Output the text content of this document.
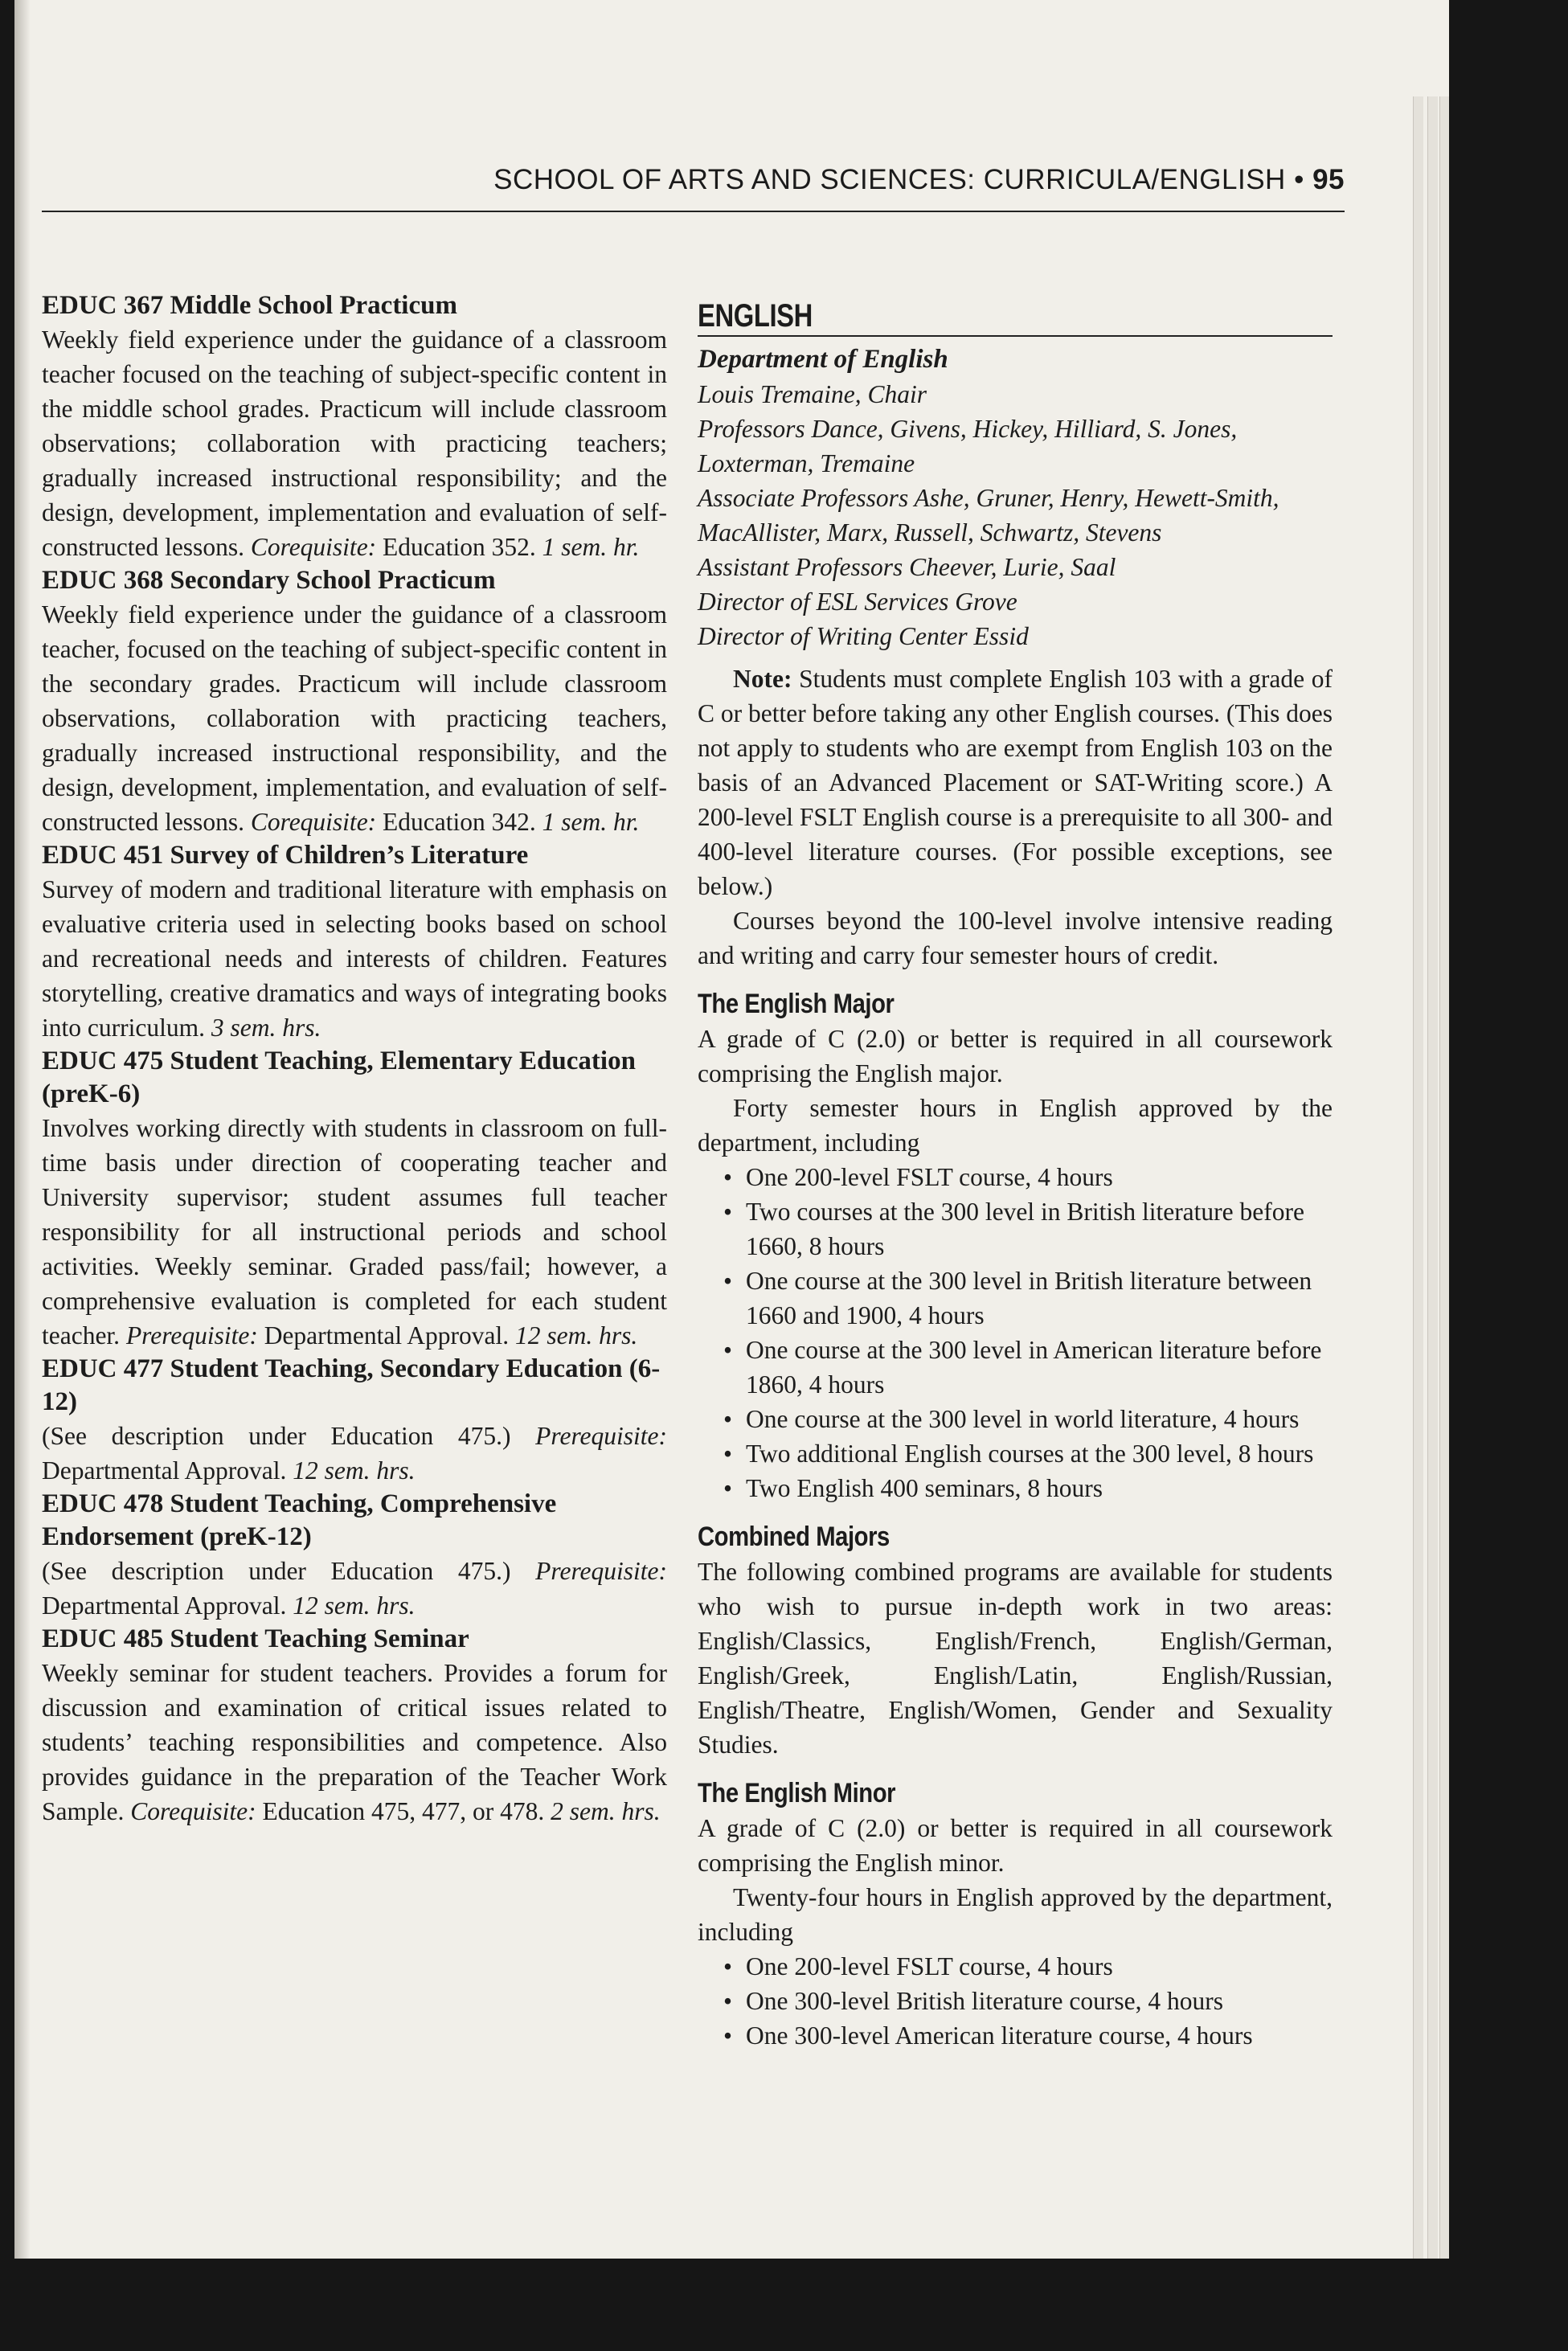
SCHOOL OF ARTS AND SCIENCES: CURRICULA/ENGLISH • 95
EDUC 367 Middle School Practicum

Weekly field experience under the guidance of a classroom teacher focused on the teaching of subject-specific content in the middle school grades. Practicum will include classroom observations; collaboration with practicing teachers; gradually increased instructional responsibility; and the design, development, implementation and evaluation of self-constructed lessons. Corequisite: Education 352. 1 sem. hr.

EDUC 368 Secondary School Practicum

Weekly field experience under the guidance of a classroom teacher, focused on the teaching of subject-specific content in the secondary grades. Practicum will include classroom observations, collaboration with practicing teachers, gradually increased instructional responsibility, and the design, development, implementation, and evaluation of self-constructed lessons. Corequisite: Education 342. 1 sem. hr.

EDUC 451 Survey of Children’s Literature

Survey of modern and traditional literature with emphasis on evaluative criteria used in selecting books based on school and recreational needs and interests of children. Features storytelling, creative dramatics and ways of integrating books into curriculum. 3 sem. hrs.

EDUC 475 Student Teaching, Elementary Education (preK-6)

Involves working directly with students in classroom on full-time basis under direction of cooperating teacher and University supervisor; student assumes full teacher responsibility for all instructional periods and school activities. Weekly seminar. Graded pass/fail; however, a comprehensive evaluation is completed for each student teacher. Prerequisite: Departmental Approval. 12 sem. hrs.

EDUC 477 Student Teaching, Secondary Education (6-12)

(See description under Education 475.) Prerequisite: Departmental Approval. 12 sem. hrs.

EDUC 478 Student Teaching, Comprehensive Endorsement (preK-12)

(See description under Education 475.) Prerequisite: Departmental Approval. 12 sem. hrs.

EDUC 485 Student Teaching Seminar

Weekly seminar for student teachers. Provides a forum for discussion and examination of critical issues related to students’ teaching responsibilities and competence. Also provides guidance in the preparation of the Teacher Work Sample. Corequisite: Education 475, 477, or 478. 2 sem. hrs.

ENGLISH
Department of English
Louis Tremaine, Chair
Professors Dance, Givens, Hickey, Hilliard, S. Jones, Loxterman, Tremaine
Associate Professors Ashe, Gruner, Henry, Hewett-Smith, MacAllister, Marx, Russell, Schwartz, Stevens
Assistant Professors Cheever, Lurie, Saal
Director of ESL Services Grove
Director of Writing Center Essid

Note: Students must complete English 103 with a grade of C or better before taking any other English courses. (This does not apply to students who are exempt from English 103 on the basis of an Advanced Placement or SAT-Writing score.) A 200-level FSLT English course is a prerequisite to all 300- and 400-level literature courses. (For possible exceptions, see below.)

Courses beyond the 100-level involve intensive reading and writing and carry four semester hours of credit.

The English Major

A grade of C (2.0) or better is required in all coursework comprising the English major.

Forty semester hours in English approved by the department, including

• One 200-level FSLT course, 4 hours
• Two courses at the 300 level in British literature before 1660, 8 hours
• One course at the 300 level in British literature between 1660 and 1900, 4 hours
• One course at the 300 level in American literature before 1860, 4 hours
• One course at the 300 level in world literature, 4 hours
• Two additional English courses at the 300 level, 8 hours
• Two English 400 seminars, 8 hours
Combined Majors

The following combined programs are available for students who wish to pursue in-depth work in two areas: English/Classics, English/French, English/German, English/Greek, English/Latin, English/Russian, English/Theatre, English/Women, Gender and Sexuality Studies.

The English Minor

A grade of C (2.0) or better is required in all coursework comprising the English minor.

Twenty-four hours in English approved by the department, including

• One 200-level FSLT course, 4 hours
• One 300-level British literature course, 4 hours
• One 300-level American literature course, 4 hours
